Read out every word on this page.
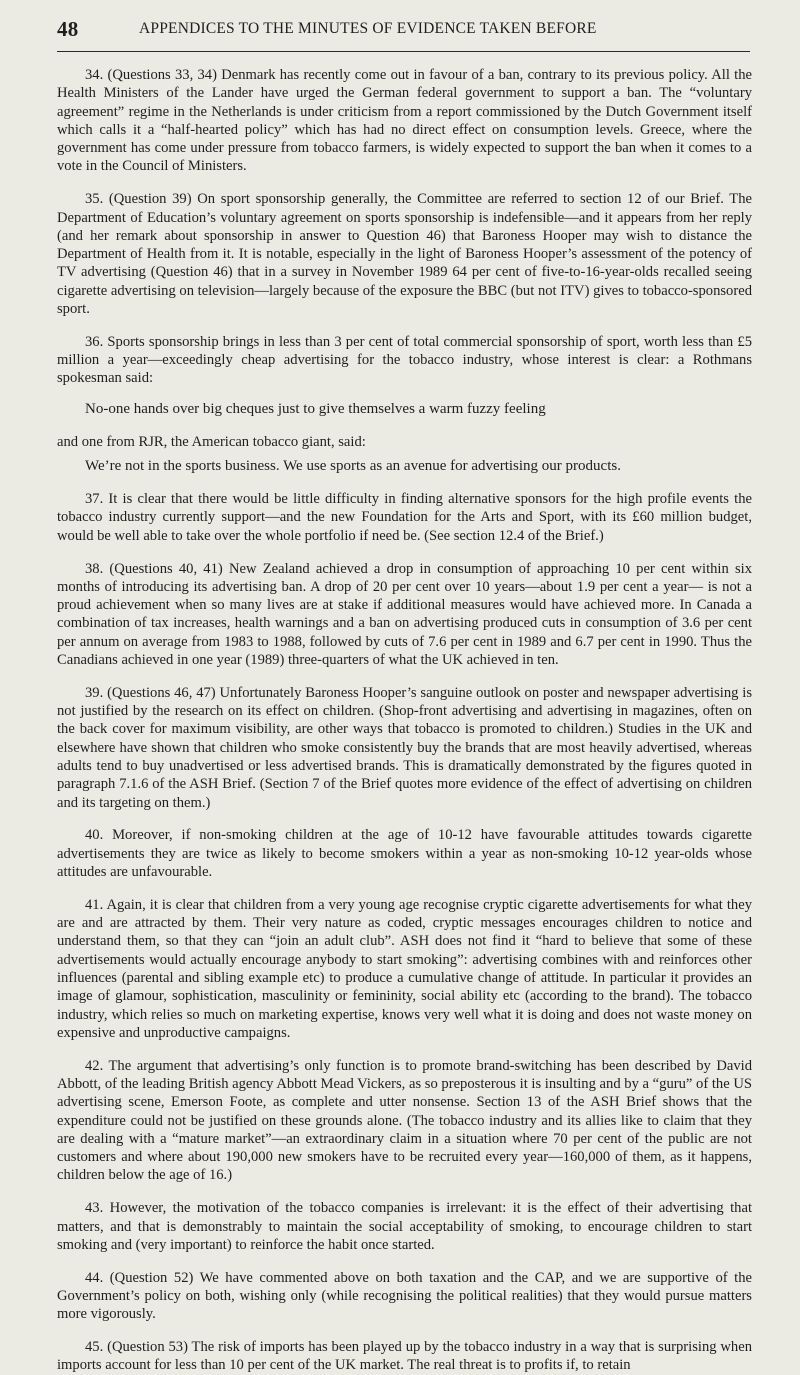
48	APPENDICES TO THE MINUTES OF EVIDENCE TAKEN BEFORE

34. (Questions 33, 34) Denmark has recently come out in favour of a ban, contrary to its previous policy. All the Health Ministers of the Lander have urged the German federal government to support a ban. The “voluntary agreement” regime in the Netherlands is under criticism from a report commissioned by the Dutch Government itself which calls it a “half-hearted policy” which has had no direct effect on consumption levels. Greece, where the government has come under pressure from tobacco farmers, is widely expected to support the ban when it comes to a vote in the Council of Ministers.

35. (Question 39) On sport sponsorship generally, the Committee are referred to section 12 of our Brief. The Department of Education’s voluntary agreement on sports sponsorship is indefensible—and it appears from her reply (and her remark about sponsorship in answer to Question 46) that Baroness Hooper may wish to distance the Department of Health from it. It is notable, especially in the light of Baroness Hooper’s assessment of the potency of TV advertising (Question 46) that in a survey in November 1989 64 per cent of five-to-16-year-olds recalled seeing cigarette advertising on television—largely because of the exposure the BBC (but not ITV) gives to tobacco-sponsored sport.

36. Sports sponsorship brings in less than 3 per cent of total commercial sponsorship of sport, worth less than £5 million a year—exceedingly cheap advertising for the tobacco industry, whose interest is clear: a Rothmans spokesman said:

No-one hands over big cheques just to give themselves a warm fuzzy feeling

and one from RJR, the American tobacco giant, said:

We’re not in the sports business. We use sports as an avenue for advertising our products.

37. It is clear that there would be little difficulty in finding alternative sponsors for the high profile events the tobacco industry currently support—and the new Foundation for the Arts and Sport, with its £60 million budget, would be well able to take over the whole portfolio if need be. (See section 12.4 of the Brief.)

38. (Questions 40, 41) New Zealand achieved a drop in consumption of approaching 10 per cent within six months of introducing its advertising ban. A drop of 20 per cent over 10 years—about 1.9 per cent a year— is not a proud achievement when so many lives are at stake if additional measures would have achieved more. In Canada a combination of tax increases, health warnings and a ban on advertising produced cuts in consumption of 3.6 per cent per annum on average from 1983 to 1988, followed by cuts of 7.6 per cent in 1989 and 6.7 per cent in 1990. Thus the Canadians achieved in one year (1989) three-quarters of what the UK achieved in ten.

39. (Questions 46, 47) Unfortunately Baroness Hooper’s sanguine outlook on poster and newspaper advertising is not justified by the research on its effect on children. (Shop-front advertising and advertising in magazines, often on the back cover for maximum visibility, are other ways that tobacco is promoted to children.) Studies in the UK and elsewhere have shown that children who smoke consistently buy the brands that are most heavily advertised, whereas adults tend to buy unadvertised or less advertised brands. This is dramatically demonstrated by the figures quoted in paragraph 7.1.6 of the ASH Brief. (Section 7 of the Brief quotes more evidence of the effect of advertising on children and its targeting on them.)

40. Moreover, if non-smoking children at the age of 10-12 have favourable attitudes towards cigarette advertisements they are twice as likely to become smokers within a year as non-smoking 10-12 year-olds whose attitudes are unfavourable.

41. Again, it is clear that children from a very young age recognise cryptic cigarette advertisements for what they are and are attracted by them. Their very nature as coded, cryptic messages encourages children to notice and understand them, so that they can “join an adult club”. ASH does not find it “hard to believe that some of these advertisements would actually encourage anybody to start smoking”: advertising combines with and reinforces other influences (parental and sibling example etc) to produce a cumulative change of attitude. In particular it provides an image of glamour, sophistication, masculinity or femininity, social ability etc (according to the brand). The tobacco industry, which relies so much on marketing expertise, knows very well what it is doing and does not waste money on expensive and unproductive campaigns.

42. The argument that advertising’s only function is to promote brand-switching has been described by David Abbott, of the leading British agency Abbott Mead Vickers, as so preposterous it is insulting and by a “guru” of the US advertising scene, Emerson Foote, as complete and utter nonsense. Section 13 of the ASH Brief shows that the expenditure could not be justified on these grounds alone. (The tobacco industry and its allies like to claim that they are dealing with a “mature market”—an extraordinary claim in a situation where 70 per cent of the public are not customers and where about 190,000 new smokers have to be recruited every year—160,000 of them, as it happens, children below the age of 16.)

43. However, the motivation of the tobacco companies is irrelevant: it is the effect of their advertising that matters, and that is demonstrably to maintain the social acceptability of smoking, to encourage children to start smoking and (very important) to reinforce the habit once started.

44. (Question 52) We have commented above on both taxation and the CAP, and we are supportive of the Government’s policy on both, wishing only (while recognising the political realities) that they would pursue matters more vigorously.

45. (Question 53) The risk of imports has been played up by the tobacco industry in a way that is surprising when imports account for less than 10 per cent of the UK market. The real threat is to profits if, to retain
